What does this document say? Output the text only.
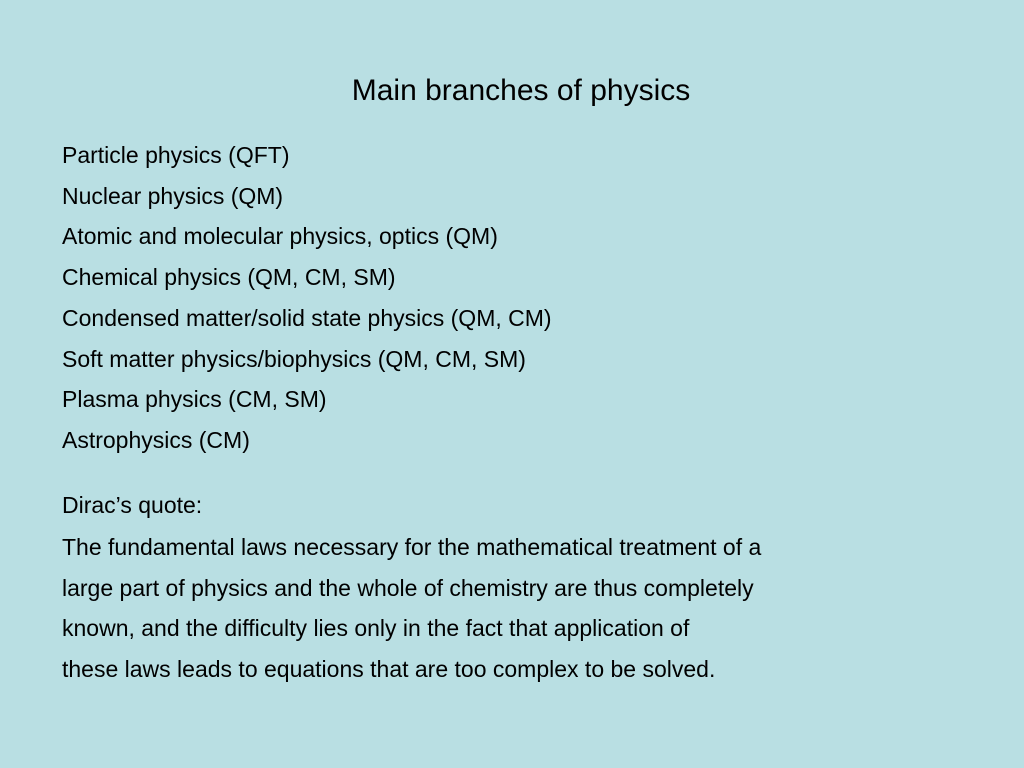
Main branches of physics
Particle physics (QFT)
Nuclear physics (QM)
Atomic and molecular physics, optics (QM)
Chemical physics (QM, CM, SM)
Condensed matter/solid state physics (QM, CM)
Soft matter physics/biophysics (QM, CM, SM)
Plasma physics (CM, SM)
Astrophysics (CM)

Dirac’s quote:

The fundamental laws necessary for the mathematical treatment of a
large part of physics and the whole of chemistry are thus completely
known, and the difficulty lies only in the fact that application of
these laws leads to equations that are too complex to be solved.
